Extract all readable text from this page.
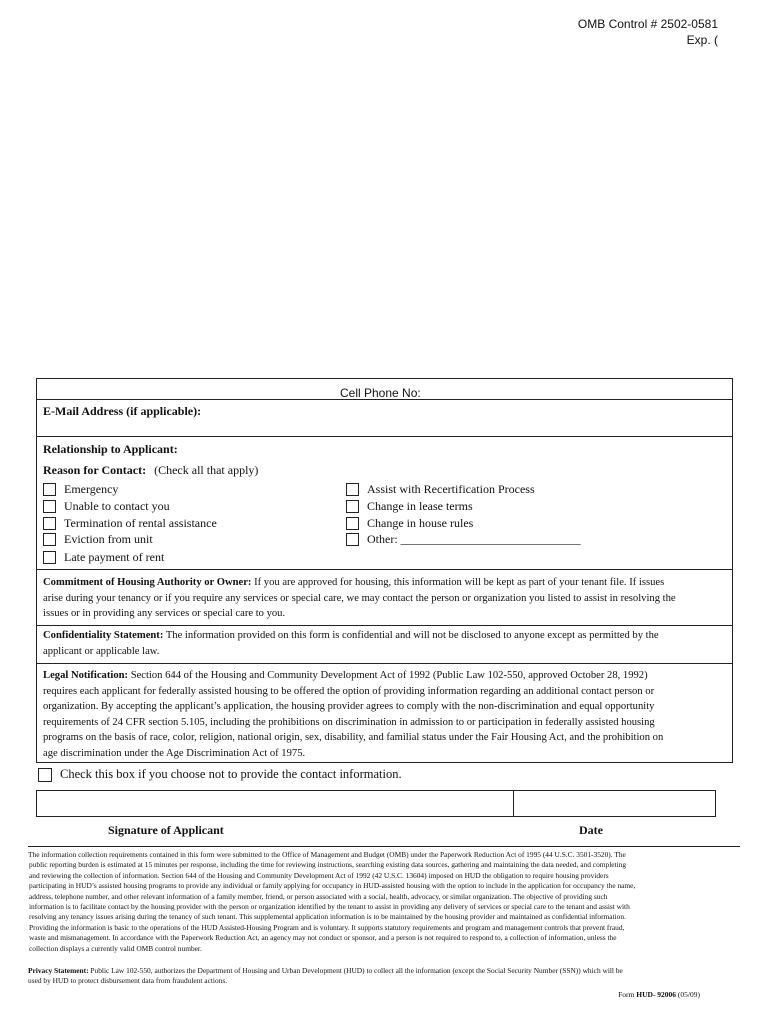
OMB Control # 2502-0581
Exp. (
Cell Phone No:
E-Mail Address (if applicable):
Relationship to Applicant:
Reason for Contact: (Check all that apply)
Emergency
Unable to contact you
Termination of rental assistance
Eviction from unit
Late payment of rent
Assist with Recertification Process
Change in lease terms
Change in house rules
Other: ______________________________
Commitment of Housing Authority or Owner: If you are approved for housing, this information will be kept as part of your tenant file. If issues
arise during your tenancy or if you require any services or special care, we may contact the person or organization you listed to assist in resolving the
issues or in providing any services or special care to you.
Confidentiality Statement: The information provided on this form is confidential and will not be disclosed to anyone except as permitted by the
applicant or applicable law.
Legal Notification: Section 644 of the Housing and Community Development Act of 1992 (Public Law 102-550, approved October 28, 1992)
requires each applicant for federally assisted housing to be offered the option of providing information regarding an additional contact person or
organization. By accepting the applicant’s application, the housing provider agrees to comply with the non-discrimination and equal opportunity
requirements of 24 CFR section 5.105, including the prohibitions on discrimination in admission to or participation in federally assisted housing
programs on the basis of race, color, religion, national origin, sex, disability, and familial status under the Fair Housing Act, and the prohibition on
age discrimination under the Age Discrimination Act of 1975.
Check this box if you choose not to provide the contact information.
Signature of Applicant	Date
The information collection requirements contained in this form were submitted to the Office of Management and Budget (OMB) under the Paperwork Reduction Act of 1995 (44 U.S.C. 3501-3520). The
public reporting burden is estimated at 15 minutes per response, including the time for reviewing instructions, searching existing data sources, gathering and maintaining the data needed, and completing
and reviewing the collection of information. Section 644 of the Housing and Community Development Act of 1992 (42 U.S.C. 13604) imposed on HUD the obligation to require housing providers
participating in HUD’s assisted housing programs to provide any individual or family applying for occupancy in HUD-assisted housing with the option to include in the application for occupancy the name,
address, telephone number, and other relevant information of a family member, friend, or person associated with a social, health, advocacy, or similar organization. The objective of providing such
information is to facilitate contact by the housing provider with the person or organization identified by the tenant to assist in providing any delivery of services or special care to the tenant and assist with
resolving any tenancy issues arising during the tenancy of such tenant. This supplemental application information is to be maintained by the housing provider and maintained as confidential information.
Providing the information is basic to the operations of the HUD Assisted-Housing Program and is voluntary. It supports statutory requirements and program and management controls that prevent fraud,
waste and mismanagement. In accordance with the Paperwork Reduction Act, an agency may not conduct or sponsor, and a person is not required to respond to, a collection of information, unless the
collection displays a currently valid OMB control number.
Privacy Statement: Public Law 102-550, authorizes the Department of Housing and Urban Development (HUD) to collect all the information (except the Social Security Number (SSN)) which will be
used by HUD to protect disbursement data from fraudulent actions.
Form HUD- 92006 (05/09)
